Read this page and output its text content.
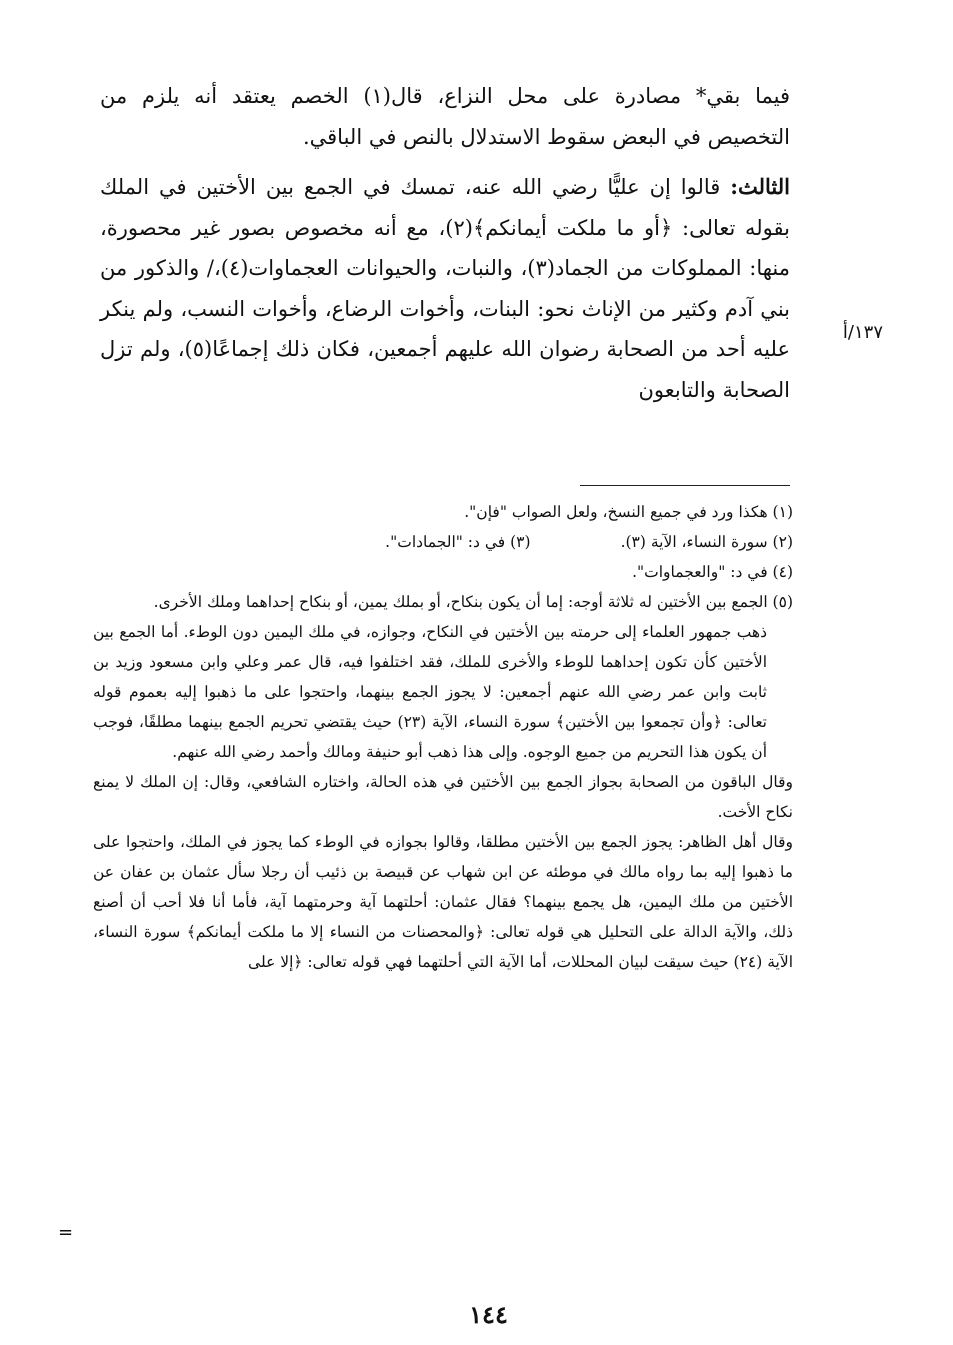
فيما بقي* مصادرة على محل النزاع، قال(١) الخصم يعتقد أنه يلزم من التخصيص في البعض سقوط الاستدلال بالنص في الباقي.

الثالث: قالوا إن عليًّا رضي الله عنه، تمسك في الجمع بين الأختين في الملك بقوله تعالى: ﴿أو ما ملكت أيمانكم﴾(٢)، مع أنه مخصوص بصور غير محصورة، منها: المملوكات من الجماد(٣)، والنبات، والحيوانات العجماوات(٤)،/ والذكور من بني آدم وكثير من الإناث نحو: البنات، وأخوات الرضاع، وأخوات النسب، ولم ينكر عليه أحد من الصحابة رضوان الله عليهم أجمعين، فكان ذلك إجماعًا(٥)، ولم تزل الصحابة والتابعون

١٣٧/أ

(١) هكذا ورد في جميع النسخ، ولعل الصواب "فإن".

(٢) سورة النساء، الآية (٣).
(٣) في د: "الجمادات".

(٤) في د: "والعجماوات".

(٥) الجمع بين الأختين له ثلاثة أوجه: إما أن يكون بنكاح، أو بملك يمين، أو بنكاح إحداهما وملك الأخرى.

ذهب جمهور العلماء إلى حرمته بين الأختين في النكاح، وجوازه، في ملك اليمين دون الوطء. أما الجمع بين الأختين كأن تكون إحداهما للوطء والأخرى للملك، فقد اختلفوا فيه، قال عمر وعلي وابن مسعود وزيد بن ثابت وابن عمر رضي الله عنهم أجمعين: لا يجوز الجمع بينهما، واحتجوا على ما ذهبوا إليه بعموم قوله تعالى: ﴿وأن تجمعوا بين الأختين﴾ سورة النساء، الآية (٢٣) حيث يقتضي تحريم الجمع بينهما مطلقًا، فوجب أن يكون هذا التحريم من جميع الوجوه. وإلى هذا ذهب أبو حنيفة ومالك وأحمد رضي الله عنهم.

وقال الباقون من الصحابة بجواز الجمع بين الأختين في هذه الحالة، واختاره الشافعي، وقال: إن الملك لا يمنع نكاح الأخت.

وقال أهل الظاهر: يجوز الجمع بين الأختين مطلقا، وقالوا بجوازه في الوطء كما يجوز في الملك، واحتجوا على ما ذهبوا إليه بما رواه مالك في موطئه عن ابن شهاب عن قبيصة بن ذئيب أن رجلا سأل عثمان بن عفان عن الأختين من ملك اليمين، هل يجمع بينهما؟ فقال عثمان: أحلتهما آية وحرمتهما آية، فأما أنا فلا أحب أن أصنع ذلك، والآية الدالة على التحليل هي قوله تعالى: ﴿والمحصنات من النساء إلا ما ملكت أيمانكم﴾ سورة النساء، الآية (٢٤) حيث سيقت لبيان المحللات، أما الآية التي أحلتهما فهي قوله تعالى: ﴿إلا على

=
١٤٤
